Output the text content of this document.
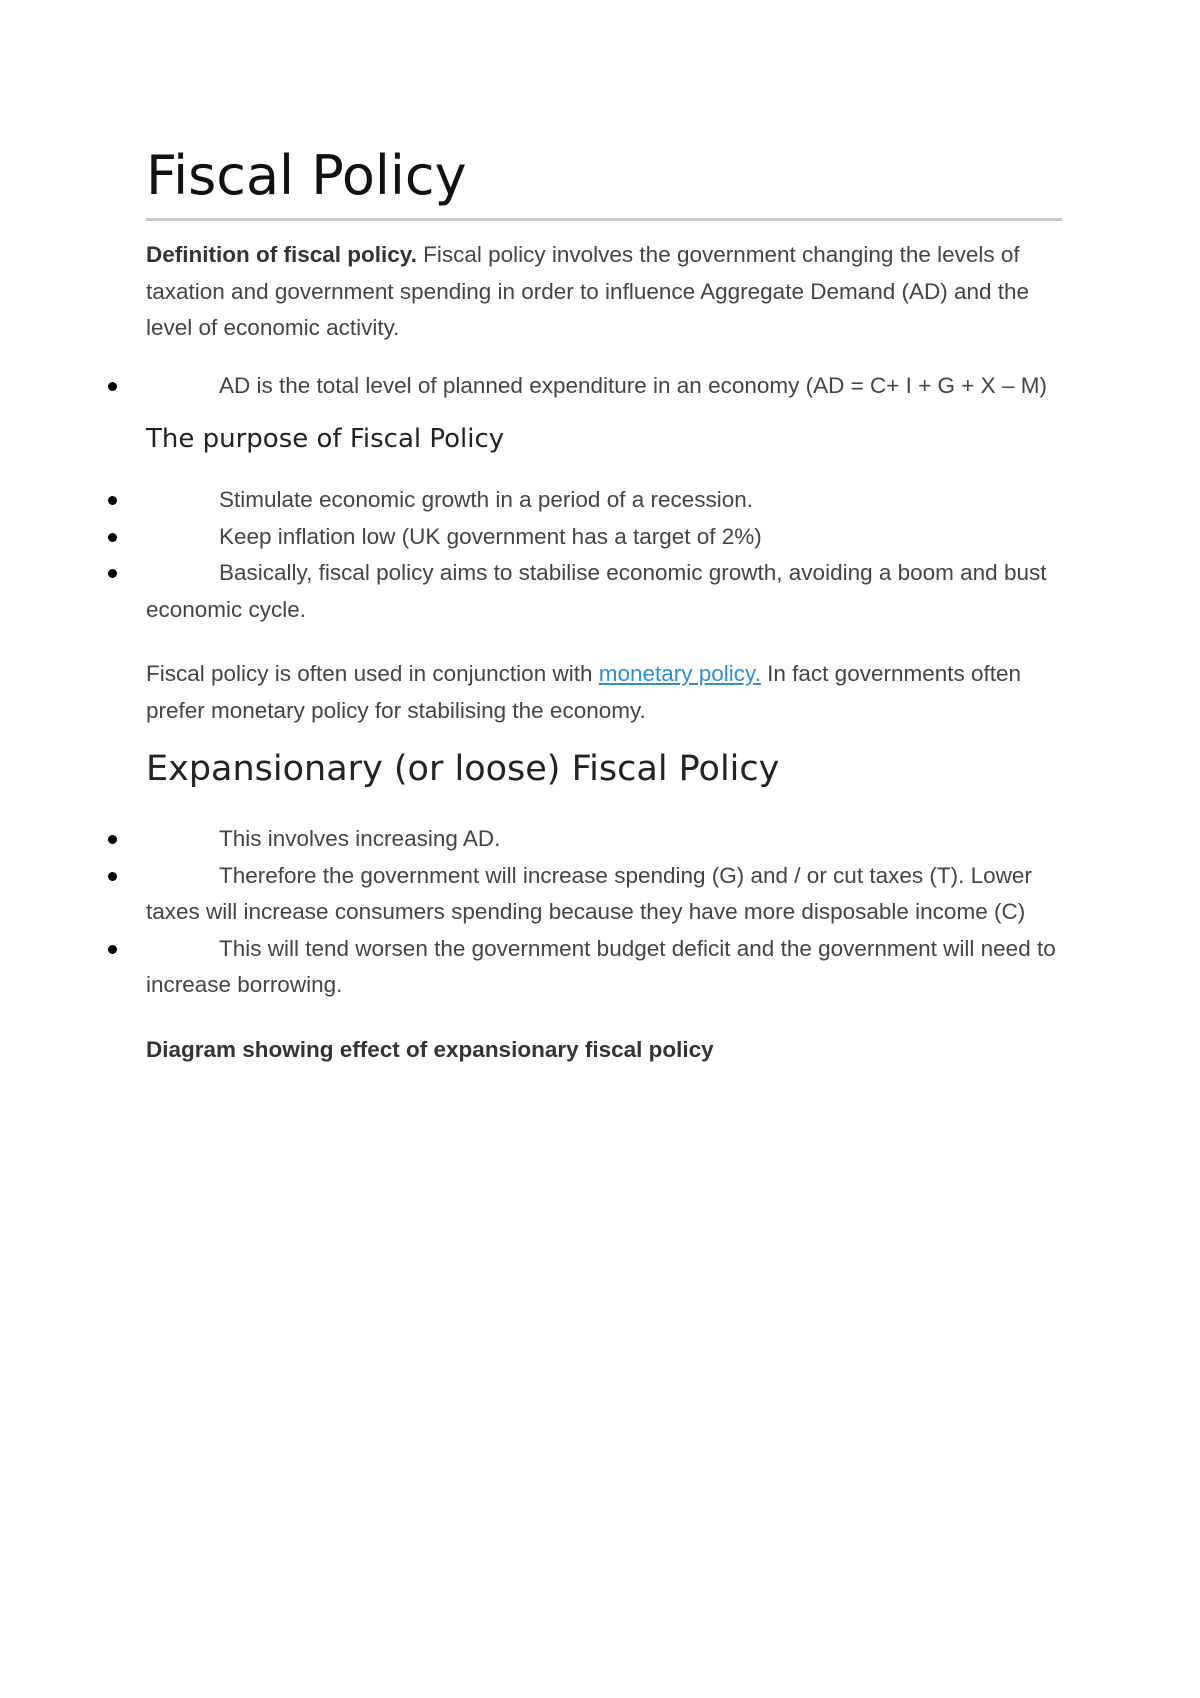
Fiscal Policy

Definition of fiscal policy. Fiscal policy involves the government changing the levels of taxation and government spending in order to influence Aggregate Demand (AD) and the level of economic activity.

AD is the total level of planned expenditure in an economy (AD = C+ I + G + X – M)
The purpose of Fiscal Policy
Stimulate economic growth in a period of a recession.
Keep inflation low (UK government has a target of 2%)
Basically, fiscal policy aims to stabilise economic growth, avoiding a boom and bust economic cycle.

Fiscal policy is often used in conjunction with monetary policy. In fact governments often prefer monetary policy for stabilising the economy.

Expansionary (or loose) Fiscal Policy
This involves increasing AD.
Therefore the government will increase spending (G) and / or cut taxes (T). Lower taxes will increase consumers spending because they have more disposable income (C)
This will tend worsen the government budget deficit and the government will need to increase borrowing.

Diagram showing effect of expansionary fiscal policy
